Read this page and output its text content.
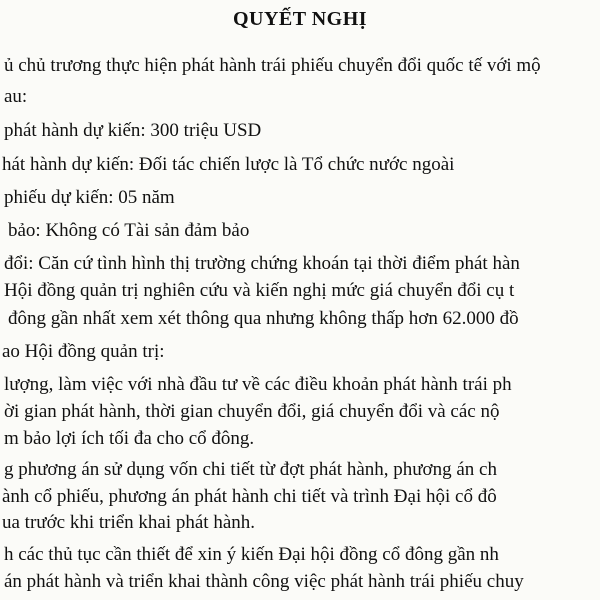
QUYẾT NGHỊ
ủ chủ trương thực hiện phát hành trái phiếu chuyển đổi quốc tế với mộ
au:
phát hành dự kiến: 300 triệu USD
hát hành dự kiến: Đối tác chiến lược là Tổ chức nước ngoài
phiếu dự kiến: 05 năm
bảo: Không có Tài sản đảm bảo
đổi: Căn cứ tình hình thị trường chứng khoán tại thời điểm phát hàn
Hội đồng quản trị nghiên cứu và kiến nghị mức giá chuyển đổi cụ t
đông gần nhất xem xét thông qua nhưng không thấp hơn 62.000 đồ
ao Hội đồng quản trị:
lượng, làm việc với nhà đầu tư về các điều khoản phát hành trái ph
ời gian phát hành, thời gian chuyển đổi, giá chuyển đổi và các nộ
m bảo lợi ích tối đa cho cổ đông.
g phương án sử dụng vốn chi tiết từ đợt phát hành, phương án ch
ành cổ phiếu, phương án phát hành chi tiết và trình Đại hội cổ đô
ua trước khi triển khai phát hành.
h các thủ tục cần thiết để xin ý kiến Đại hội đồng cổ đông gần nh
án phát hành và triển khai thành công việc phát hành trái phiếu chuy
